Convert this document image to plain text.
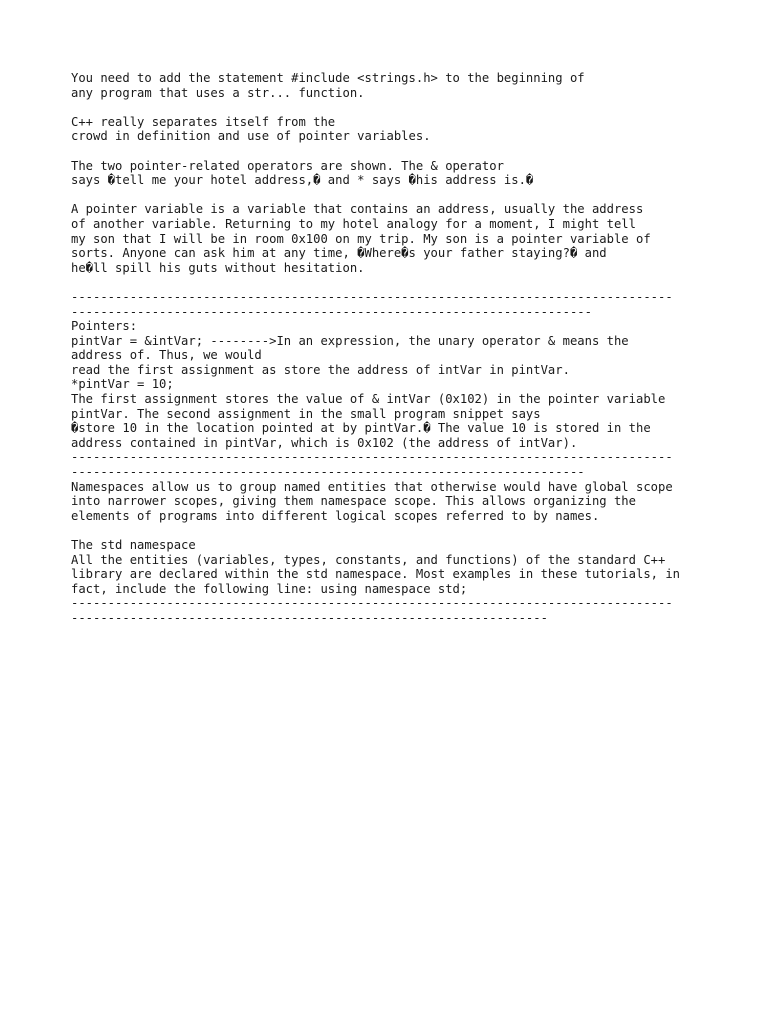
You need to add the statement #include <strings.h> to the beginning of
any program that uses a str... function.
C++ really separates itself from the
crowd in definition and use of pointer variables.
The two pointer-related operators are shown. The & operator
says �tell me your hotel address,� and * says �his address is.�
A pointer variable is a variable that contains an address, usually the address
of another variable. Returning to my hotel analogy for a moment, I might tell
my son that I will be in room 0x100 on my trip. My son is a pointer variable of
sorts. Anyone can ask him at any time, �Where�s your father staying?� and
he�ll spill his guts without hesitation.
----------------------------------------------------------------------------------
-----------------------------------------------------------------------
Pointers:
pintVar = &intVar; -------->In an expression, the unary operator & means the
address of. Thus, we would
read the first assignment as store the address of intVar in pintVar.
*pintVar = 10;
The first assignment stores the value of & intVar (0x102) in the pointer variable
pintVar. The second assignment in the small program snippet says
�store 10 in the location pointed at by pintVar.� The value 10 is stored in the
address contained in pintVar, which is 0x102 (the address of intVar).
----------------------------------------------------------------------------------
----------------------------------------------------------------------
Namespaces allow us to group named entities that otherwise would have global scope
into narrower scopes, giving them namespace scope. This allows organizing the
elements of programs into different logical scopes referred to by names.
The std namespace
All the entities (variables, types, constants, and functions) of the standard C++
library are declared within the std namespace. Most examples in these tutorials, in
fact, include the following line: using namespace std;
----------------------------------------------------------------------------------
-----------------------------------------------------------------
